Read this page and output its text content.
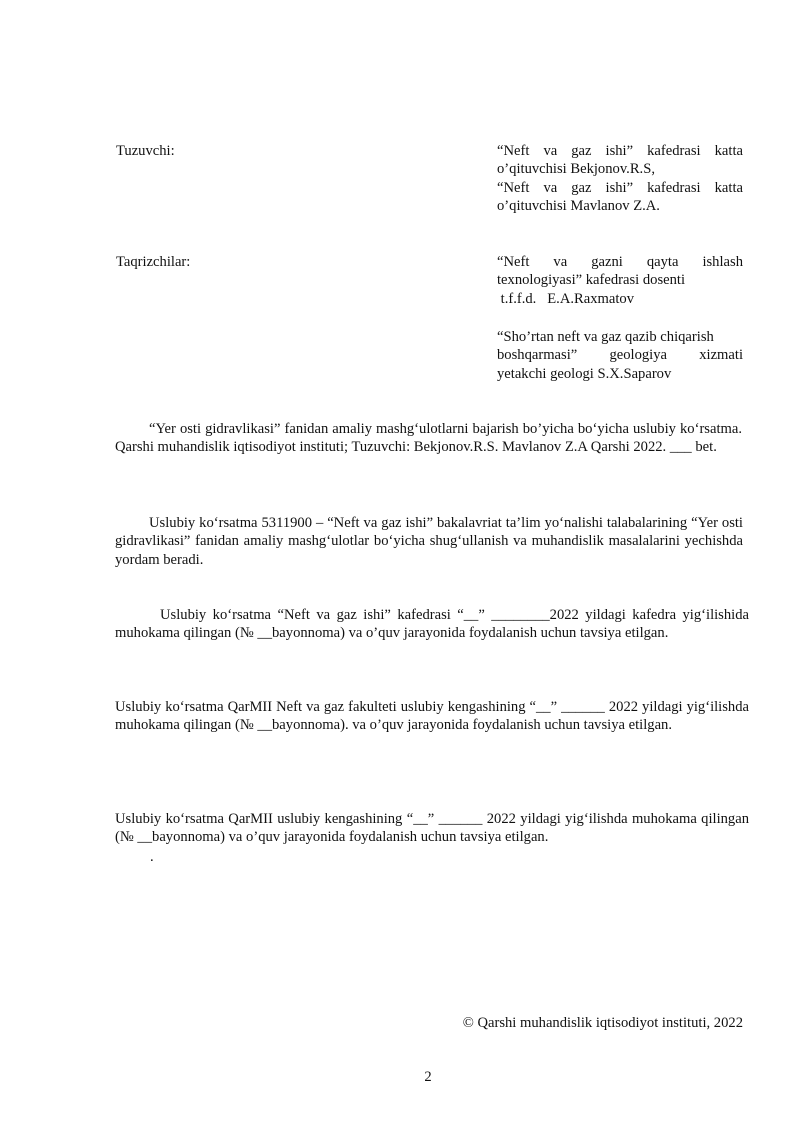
Tuzuvchi:	“Neft va gaz ishi” kafedrasi katta
o’qituvchisi Bekjonov.R.S,
“Neft va gaz ishi” kafedrasi katta
o’qituvchisi Mavlanov Z.A.
Taqrizchilar:	“Neft va gazni qayta ishlash
texnologiyasi” kafedrasi dosenti
t.f.f.d.   E.A.Raxmatov
“Sho’rtan neft va gaz qazib chiqarish
boshqarmasi” geologiya xizmati
yetakchi geologi S.X.Saparov
“Yer osti gidravlikasi” fanidan amaliy mashg‘ulotlarni bajarish bo’yicha bo‘yicha uslubiy ko‘rsatma. Qarshi muhandislik iqtisodiyot instituti; Tuzuvchi: Bekjonov.R.S. Mavlanov Z.A Qarshi 2022. ___ bet.
Uslubiy ko‘rsatma 5311900 – “Neft va gaz ishi” bakalavriat ta’lim yo‘nalishi talabalarining “Yer osti gidravlikasi” fanidan amaliy mashg‘ulotlar bo‘yicha shug‘ullanish va muhandislik masalalarini yechishda yordam beradi.
Uslubiy ko‘rsatma “Neft va gaz ishi” kafedrasi “__” ________2022 yildagi kafedra yig‘ilishida muhokama qilingan (№ __bayonnoma) va o’quv jarayonida foydalanish uchun tavsiya etilgan.
Uslubiy ko‘rsatma QarMII Neft va gaz fakulteti uslubiy kengashining “__” ______ 2022 yildagi yig‘ilishda muhokama qilingan (№ __bayonnoma). va o’quv jarayonida foydalanish uchun tavsiya etilgan.
Uslubiy ko‘rsatma QarMII uslubiy kengashining “__” ______ 2022 yildagi yig‘ilishda muhokama qilingan (№ __bayonnoma) va o’quv jarayonida foydalanish uchun tavsiya etilgan.
.
© Qarshi muhandislik iqtisodiyot instituti, 2022
2
